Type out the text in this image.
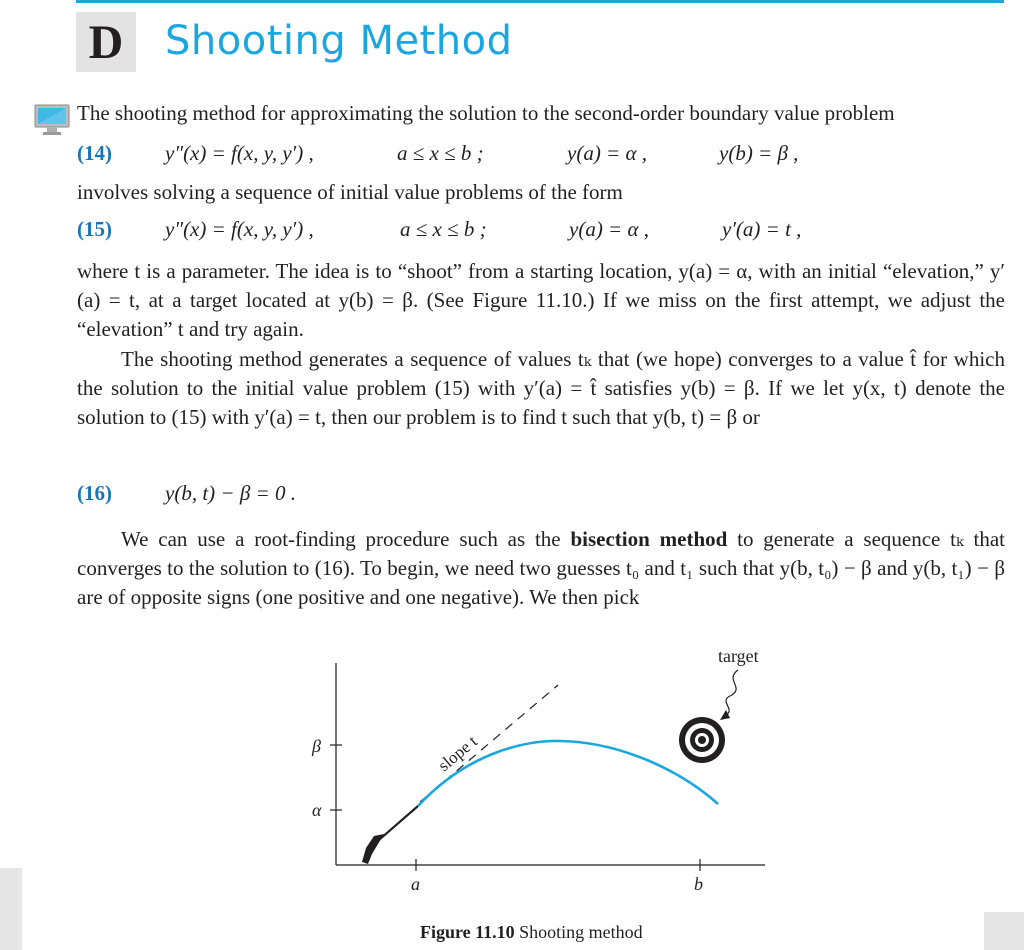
D	Shooting Method
The shooting method for approximating the solution to the second-order boundary value problem
(14)	y″(x) = f(x, y, y′) ,	a ≤ x ≤ b ;	y(a) = α ,	y(b) = β ,
involves solving a sequence of initial value problems of the form
(15)	y″(x) = f(x, y, y′) ,	a ≤ x ≤ b ;	y(a) = α ,	y′(a) = t ,
where t is a parameter. The idea is to “shoot” from a starting location, y(a) = α, with an initial “elevation,” y′(a) = t, at a target located at y(b) = β. (See Figure 11.10.) If we miss on the first attempt, we adjust the “elevation” t and try again.
The shooting method generates a sequence of values tₖ that (we hope) converges to a value t̂ for which the solution to the initial value problem (15) with y′(a) = t̂ satisfies y(b) = β. If we let y(x, t) denote the solution to (15) with y′(a) = t, then our problem is to find t such that y(b, t) = β or
(16)	y(b, t) − β = 0 .
We can use a root-finding procedure such as the bisection method to generate a sequence tₖ that converges to the solution to (16). To begin, we need two guesses t₀ and t₁ such that y(b, t₀) − β and y(b, t₁) − β are of opposite signs (one positive and one negative). We then pick
β
α
a	b
slope t
target
Figure 11.10 Shooting method
